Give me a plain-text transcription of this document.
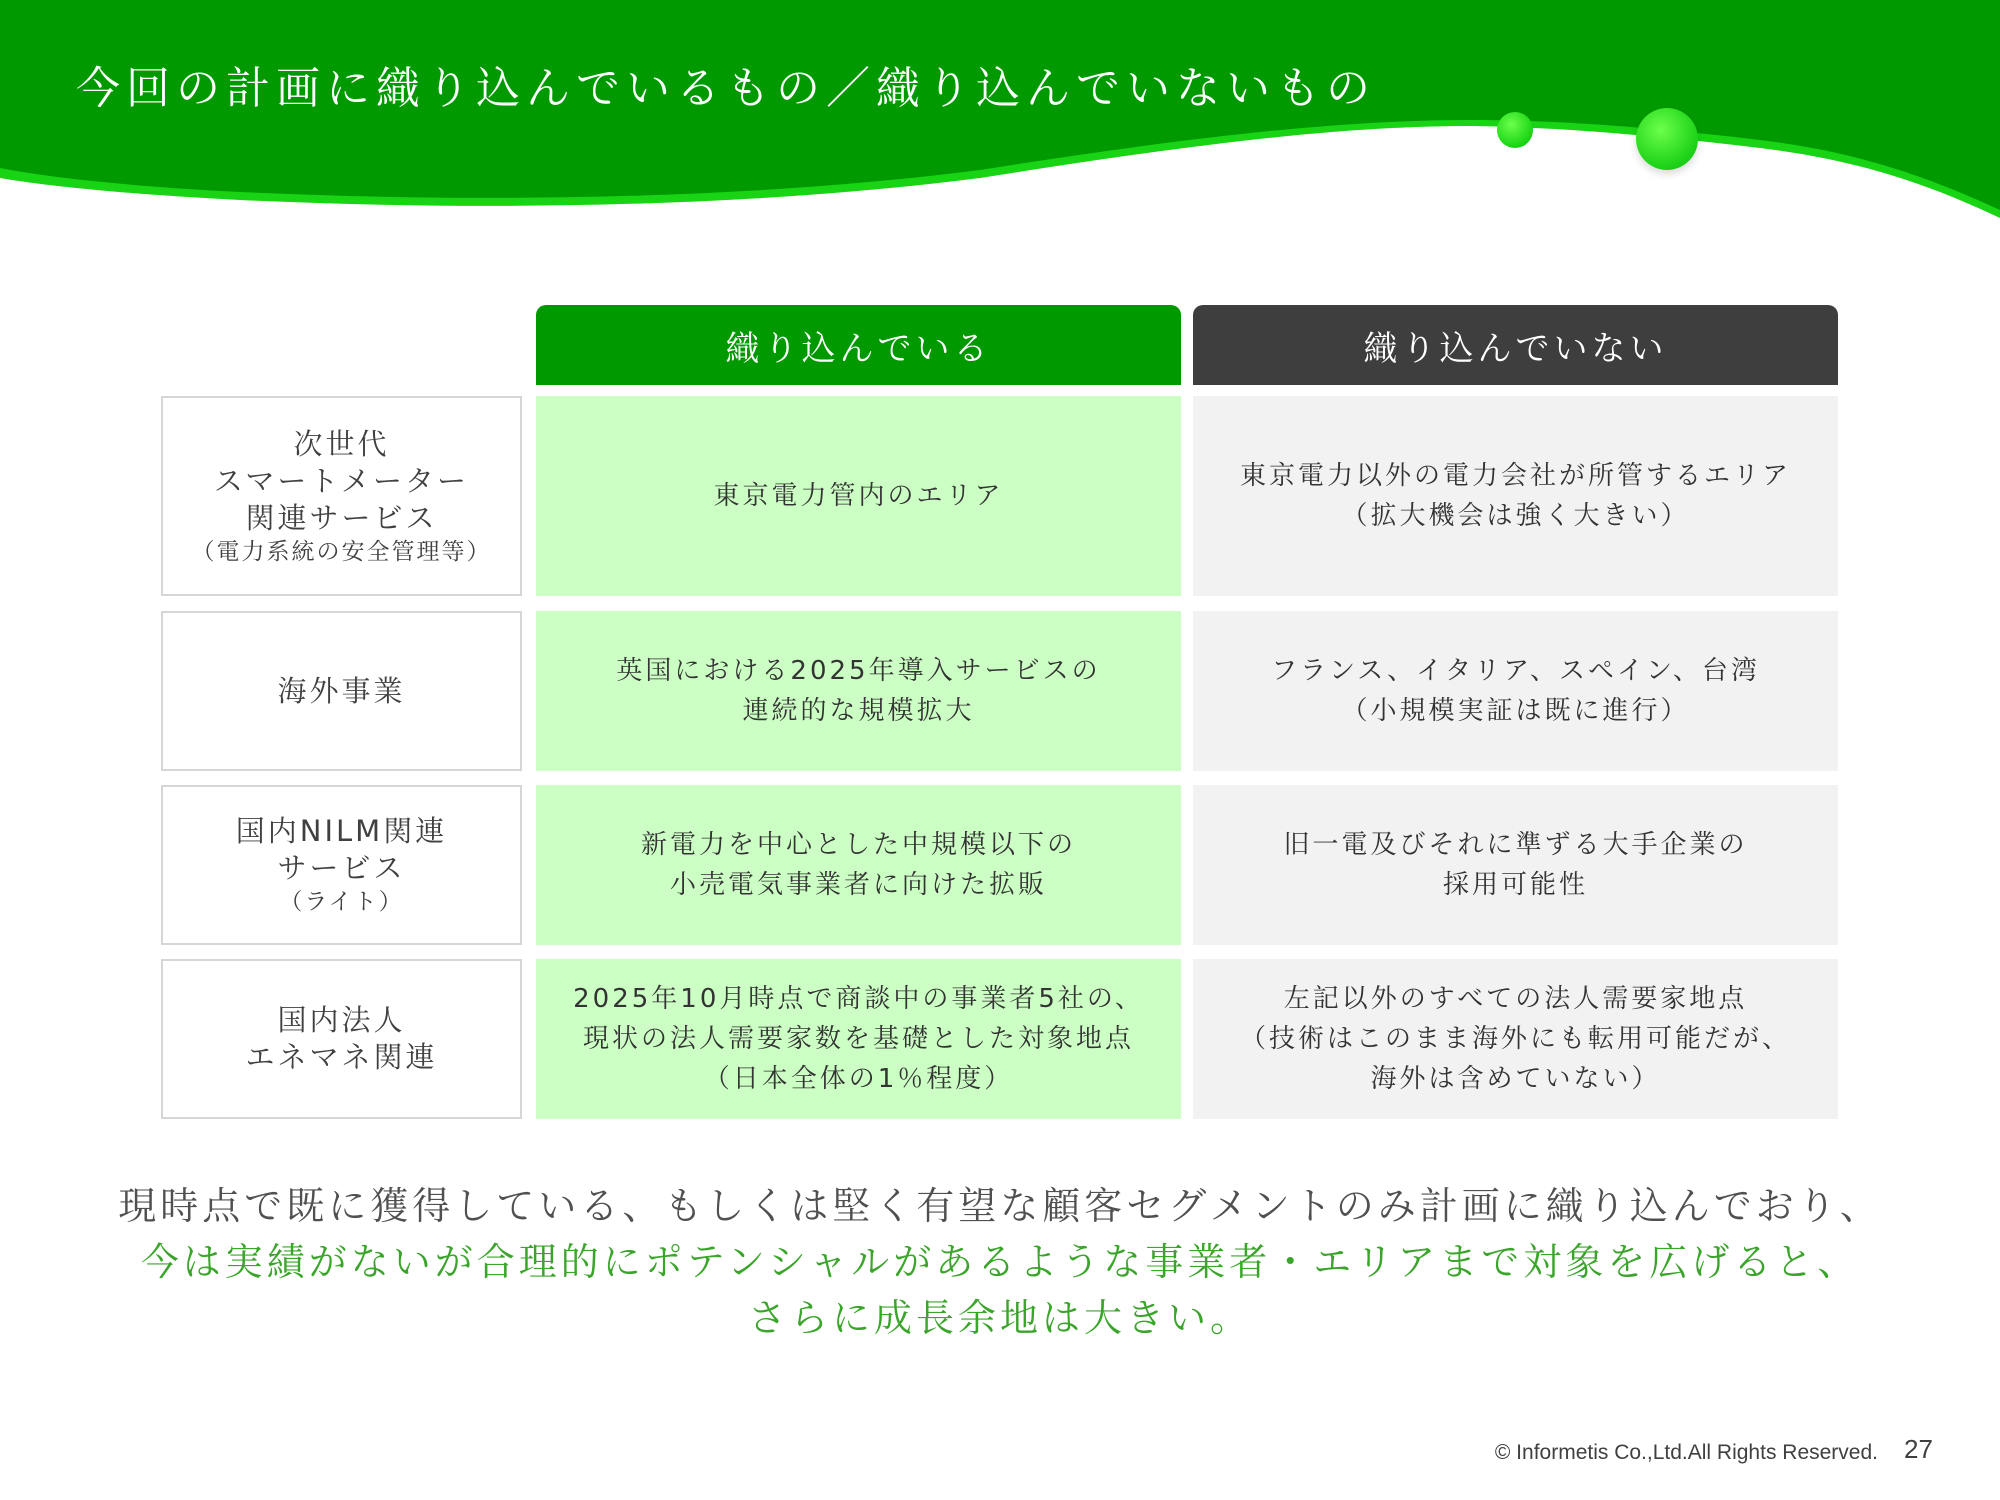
今回の計画に織り込んでいるもの／織り込んでいないもの
織り込んでいる	織り込んでいない
次世代
スマートメーター
関連サービス
（電力系統の安全管理等）
東京電力管内のエリア
東京電力以外の電力会社が所管するエリア
（拡大機会は強く大きい）
海外事業
英国における2025年導入サービスの
連続的な規模拡大
フランス、イタリア、スペイン、台湾
（小規模実証は既に進行）
国内NILM関連
サービス
（ライト）
新電力を中心とした中規模以下の
小売電気事業者に向けた拡販
旧一電及びそれに準ずる大手企業の
採用可能性
国内法人
エネマネ関連
2025年10月時点で商談中の事業者5社の、
現状の法人需要家数を基礎とした対象地点
（日本全体の1％程度）
左記以外のすべての法人需要家地点
（技術はこのまま海外にも転用可能だが、
海外は含めていない）
現時点で既に獲得している、もしくは堅く有望な顧客セグメントのみ計画に織り込んでおり、
今は実績がないが合理的にポテンシャルがあるような事業者・エリアまで対象を広げると、
さらに成長余地は大きい。
© Informetis Co.,Ltd.All Rights Reserved. 27
